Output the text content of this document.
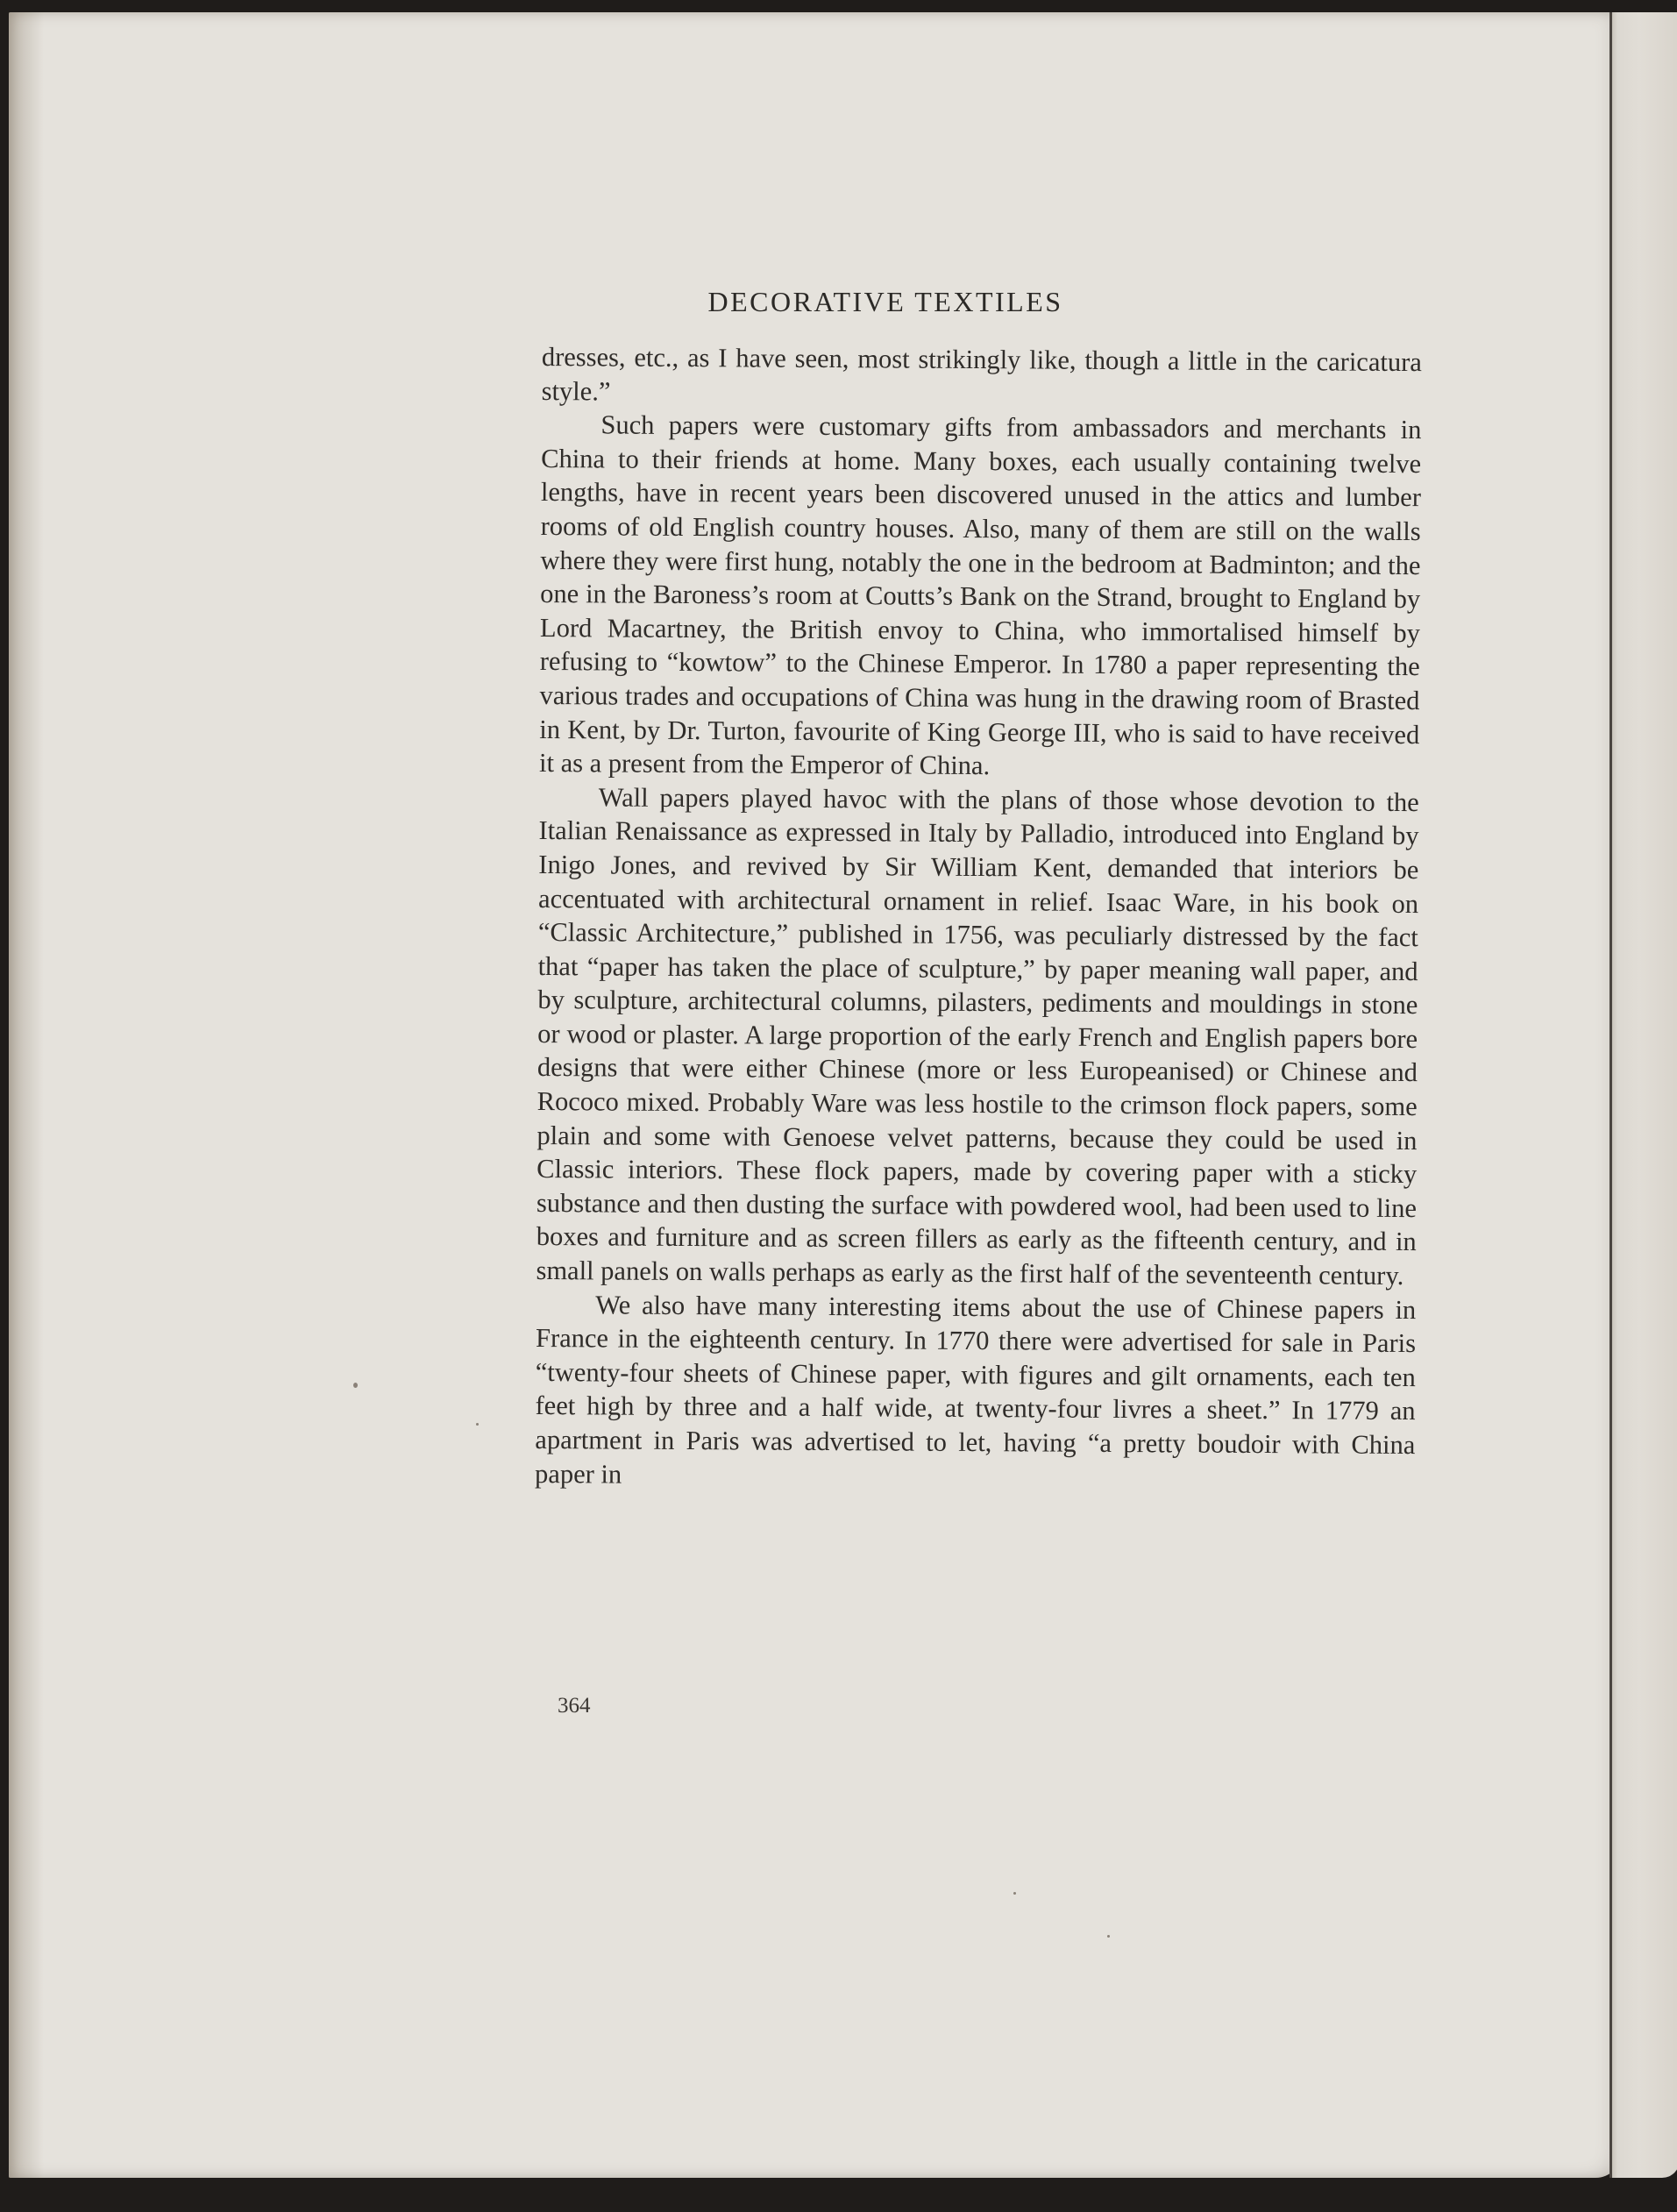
DECORATIVE TEXTILES

dresses, etc., as I have seen, most strikingly like, though a little in the caricatura style.”

Such papers were customary gifts from ambassadors and merchants in China to their friends at home. Many boxes, each usually containing twelve lengths, have in recent years been discovered unused in the attics and lumber rooms of old English country houses. Also, many of them are still on the walls where they were first hung, notably the one in the bedroom at Badminton; and the one in the Baroness’s room at Coutts’s Bank on the Strand, brought to England by Lord Macartney, the British envoy to China, who immortalised himself by refusing to “kowtow” to the Chinese Emperor. In 1780 a paper representing the various trades and occupations of China was hung in the drawing room of Brasted in Kent, by Dr. Turton, favourite of King George III, who is said to have received it as a present from the Emperor of China.

Wall papers played havoc with the plans of those whose devotion to the Italian Renaissance as expressed in Italy by Palladio, introduced into England by Inigo Jones, and revived by Sir William Kent, demanded that interiors be accentuated with architectural ornament in relief. Isaac Ware, in his book on “Classic Architecture,” published in 1756, was peculiarly distressed by the fact that “paper has taken the place of sculpture,” by paper meaning wall paper, and by sculpture, architectural columns, pilasters, pediments and mouldings in stone or wood or plaster. A large proportion of the early French and English papers bore designs that were either Chinese (more or less Europeanised) or Chinese and Rococo mixed. Probably Ware was less hostile to the crimson flock papers, some plain and some with Genoese velvet patterns, because they could be used in Classic interiors. These flock papers, made by covering paper with a sticky substance and then dusting the surface with powdered wool, had been used to line boxes and furniture and as screen fillers as early as the fifteenth century, and in small panels on walls perhaps as early as the first half of the seventeenth century.

We also have many interesting items about the use of Chinese papers in France in the eighteenth century. In 1770 there were advertised for sale in Paris “twenty-four sheets of Chinese paper, with figures and gilt ornaments, each ten feet high by three and a half wide, at twenty-four livres a sheet.” In 1779 an apartment in Paris was advertised to let, having “a pretty boudoir with China paper in

364
